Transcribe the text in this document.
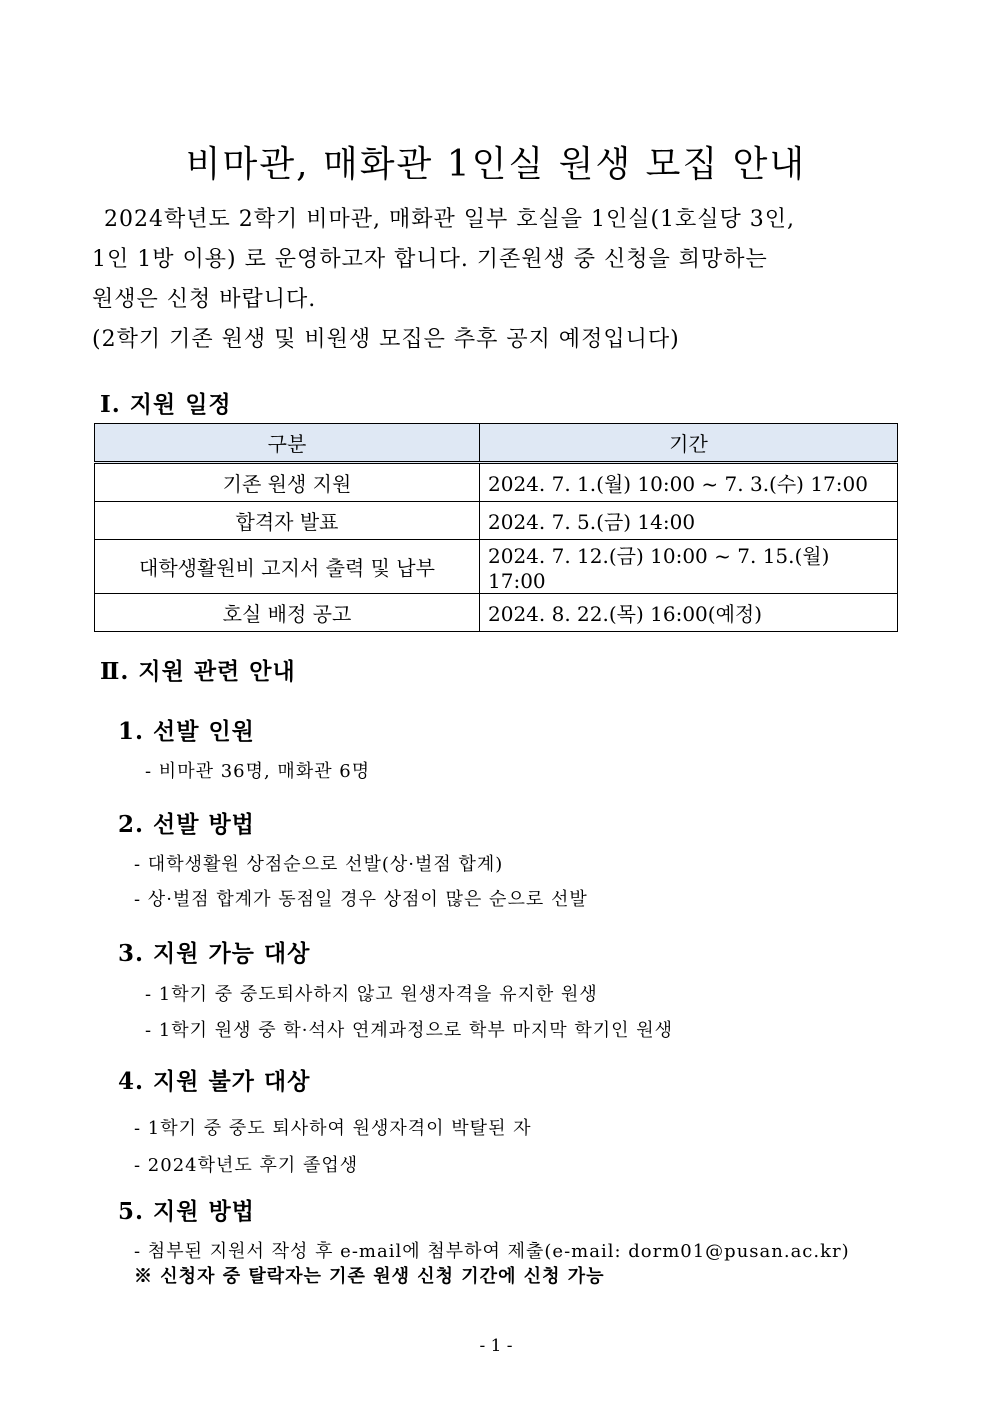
비마관, 매화관 1인실 원생 모집 안내

2024학년도 2학기 비마관, 매화관 일부 호실을 1인실(1호실당 3인,

1인 1방 이용) 로 운영하고자 합니다. 기존원생 중 신청을 희망하는

원생은 신청 바랍니다.

(2학기 기존 원생 및 비원생 모집은 추후 공지 예정입니다)

Ⅰ. 지원 일정
구분	기간
기존 원생 지원	2024. 7. 1.(월) 10:00 ~ 7. 3.(수) 17:00
합격자 발표	2024. 7. 5.(금) 14:00
대학생활원비 고지서 출력 및 납부	2024. 7. 12.(금) 10:00 ~ 7. 15.(월) 17:00
호실 배정 공고	2024. 8. 22.(목) 16:00(예정)
Ⅱ. 지원 관련 안내
1. 선발 인원
- 비마관 36명, 매화관 6명
2. 선발 방법
- 대학생활원 상점순으로 선발(상·벌점 합계)
- 상·벌점 합계가 동점일 경우 상점이 많은 순으로 선발
3. 지원 가능 대상
- 1학기 중 중도퇴사하지 않고 원생자격을 유지한 원생
- 1학기 원생 중 학·석사 연계과정으로 학부 마지막 학기인 원생
4. 지원 불가 대상
- 1학기 중 중도 퇴사하여 원생자격이 박탈된 자
- 2024학년도 후기 졸업생
5. 지원 방법
- 첨부된 지원서 작성 후 e-mail에 첨부하여 제출(e-mail: dorm01@pusan.ac.kr)
※ 신청자 중 탈락자는 기존 원생 신청 기간에 신청 가능
- 1 -
